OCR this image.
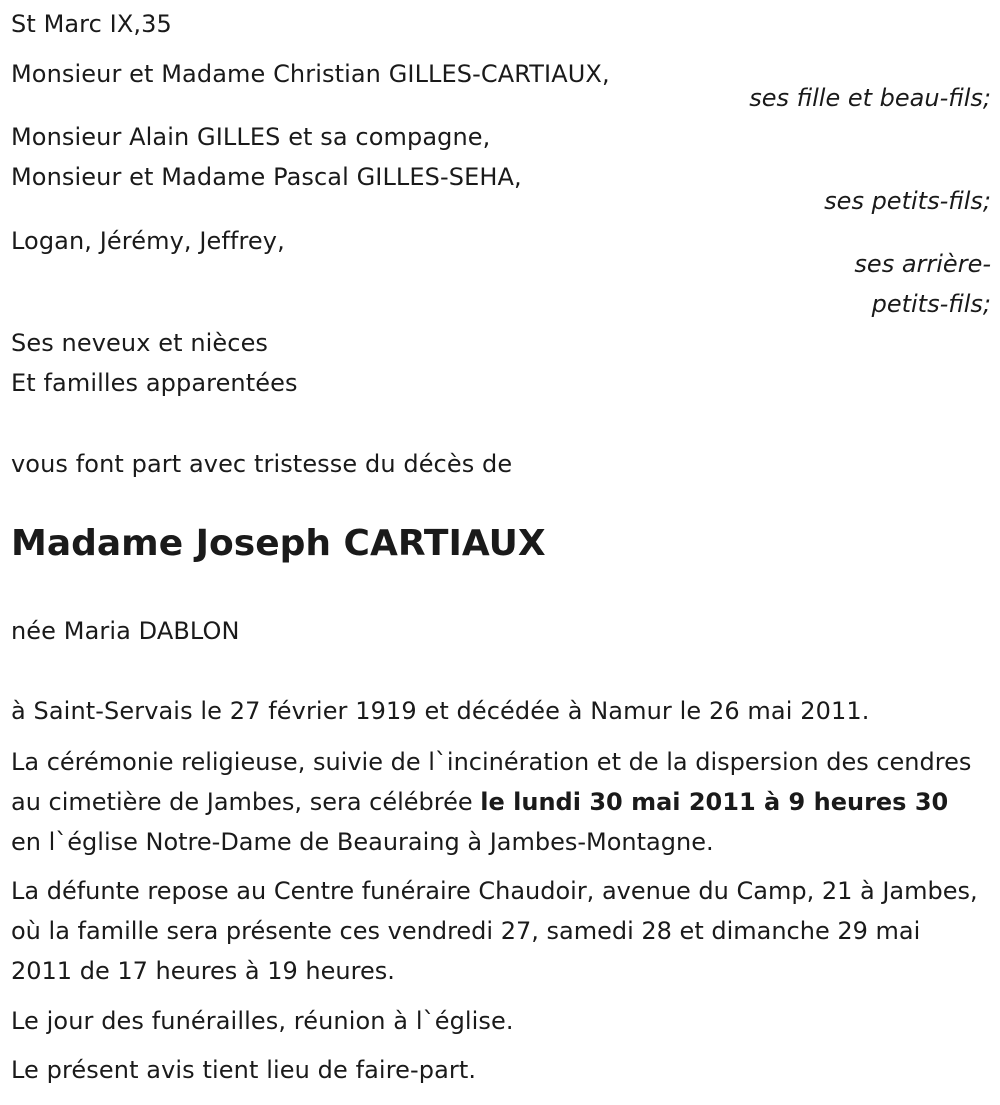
St Marc IX,35
Monsieur et Madame Christian GILLES-CARTIAUX,
ses fille et beau-fils;
Monsieur Alain GILLES et sa compagne,
Monsieur et Madame Pascal GILLES-SEHA,
ses petits-fils;
Logan, Jérémy, Jeffrey,
ses arrière-
petits-fils;
Ses neveux et nièces
Et familles apparentées
vous font part avec tristesse du décès de
Madame Joseph CARTIAUX
née Maria DABLON
à Saint-Servais le 27 février 1919 et décédée à Namur le 26 mai 2011.
La cérémonie religieuse, suivie de l`incinération et de la dispersion des cendres au cimetière de Jambes, sera célébrée le lundi 30 mai 2011 à 9 heures 30 en l`église Notre-Dame de Beauraing à Jambes-Montagne.
La défunte repose au Centre funéraire Chaudoir, avenue du Camp, 21 à Jambes, où la famille sera présente ces vendredi 27, samedi 28 et dimanche 29 mai 2011 de 17 heures à 19 heures.
Le jour des funérailles, réunion à l`église.
Le présent avis tient lieu de faire-part.
